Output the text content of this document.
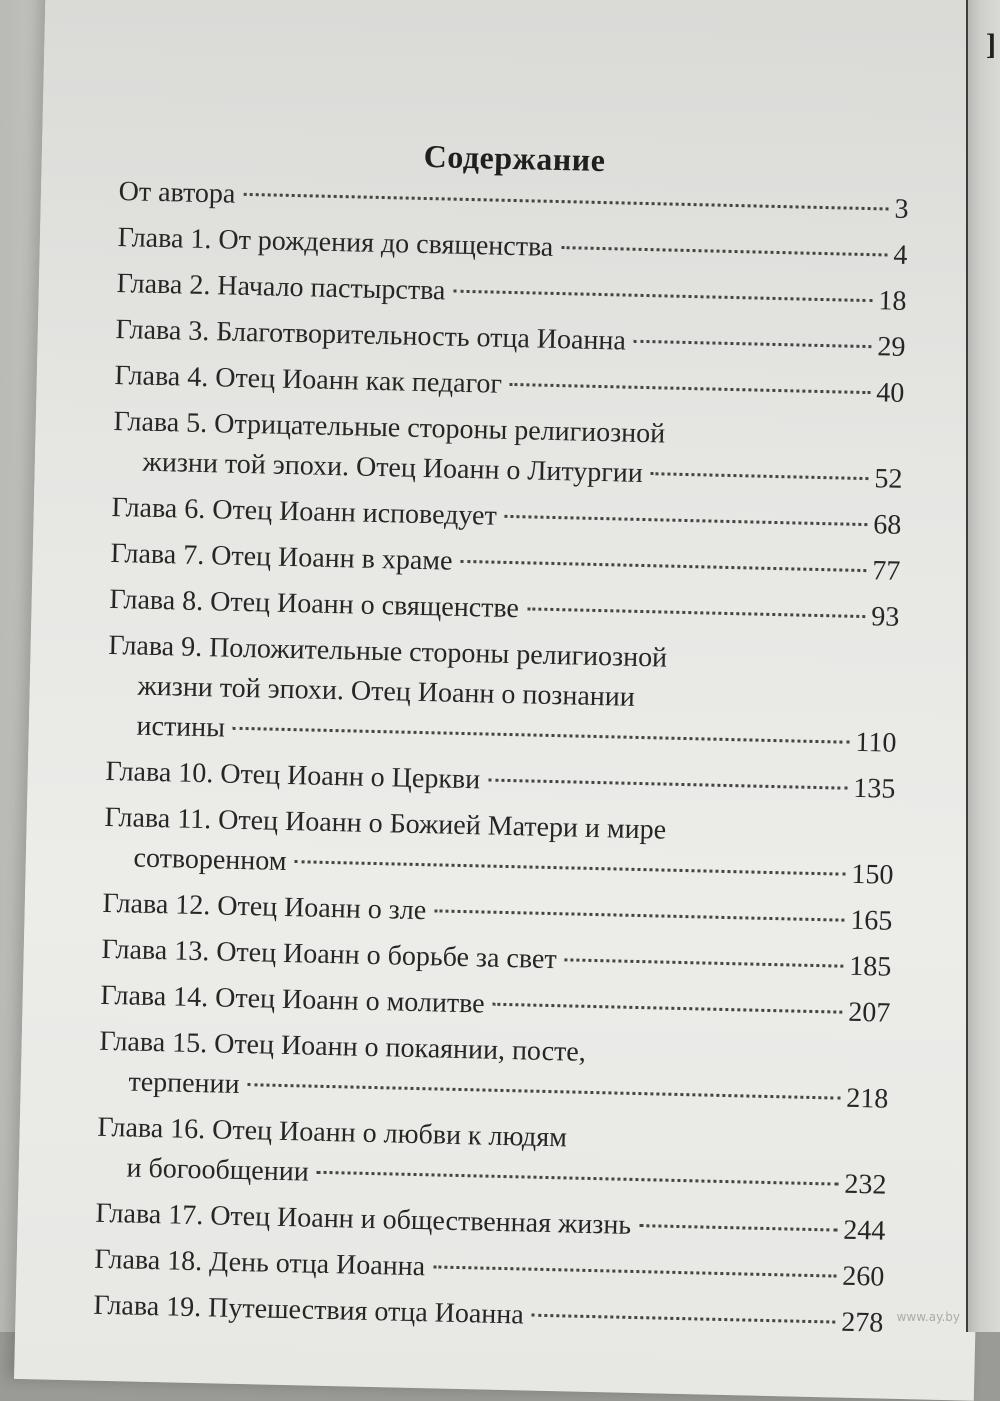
]
Содержание
От автора	3
Глава 1. От рождения до священства	4
Глава 2. Начало пастырства	18
Глава 3. Благотворительность отца Иоанна	29
Глава 4. Отец Иоанн как педагог	40
Глава 5. Отрицательные стороны религиозной
жизни той эпохи. Отец Иоанн о Литургии	52
Глава 6. Отец Иоанн исповедует	68
Глава 7. Отец Иоанн в храме	77
Глава 8. Отец Иоанн о священстве	93
Глава 9. Положительные стороны религиозной
жизни той эпохи. Отец Иоанн о познании
истины	110
Глава 10. Отец Иоанн о Церкви	135
Глава 11. Отец Иоанн о Божией Матери и мире
сотворенном	150
Глава 12. Отец Иоанн о зле	165
Глава 13. Отец Иоанн о борьбе за свет	185
Глава 14. Отец Иоанн о молитве	207
Глава 15. Отец Иоанн о покаянии, посте,
терпении	218
Глава 16. Отец Иоанн о любви к людям
и богообщении	232
Глава 17. Отец Иоанн и общественная жизнь	244
Глава 18. День отца Иоанна	260
Глава 19. Путешествия отца Иоанна	278 www.ay.by
